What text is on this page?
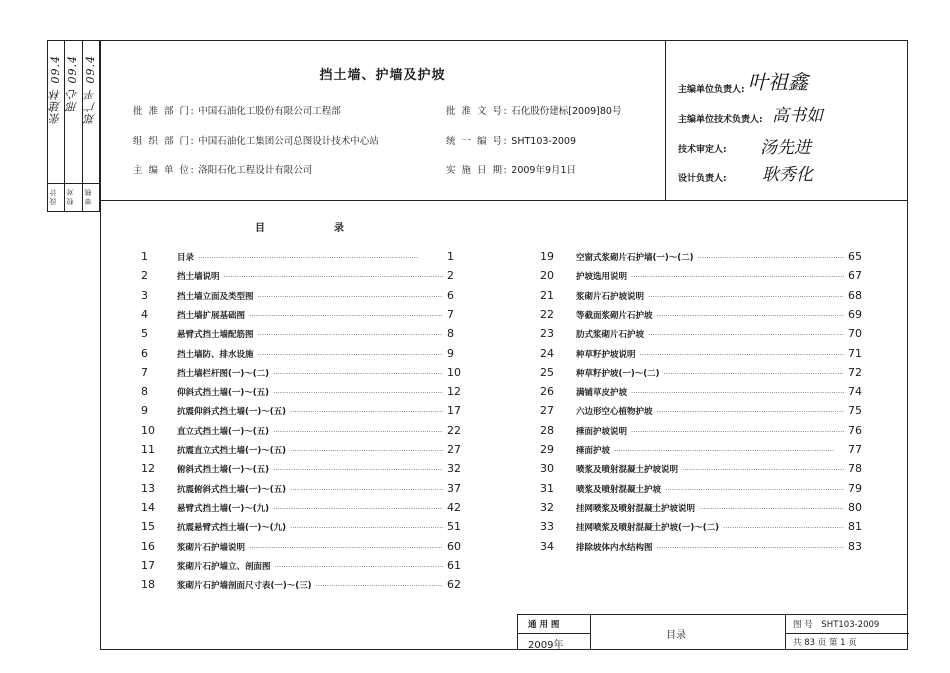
张建林 09.4
设 计
邢心 09.4
校 对
郑广平 09.4
审 核
挡土墙、护墙及护坡
批 准 部 门: 中国石油化工股份有限公司工程部
组 织 部 门: 中国石油化工集团公司总图设计技术中心站
主 编 单 位: 洛阳石化工程设计有限公司
批 准 文 号: 石化股份建标[2009]80号
统 一 编 号: SHT103-2009
实 施 日 期: 2009年9月1日
主编单位负责人: 叶祖鑫
主编单位技术负责人: 高书如
技术审定人: 汤先进
设计负责人: 耿秀化
目	录
1	目录 ·····	1
2	挡土墙说明 ·····	2
3	挡土墙立面及类型图 ·····	6
4	挡土墙扩展基础图 ·····	7
5	悬臂式挡土墙配筋图 ·····	8
6	挡土墙防、排水设施 ·····	9
7	挡土墙栏杆图(一)～(二) ·····	10
8	仰斜式挡土墙(一)～(五) ·····	12
9	抗震仰斜式挡土墙(一)～(五) ·····	17
10	直立式挡土墙(一)～(五) ·····	22
11	抗震直立式挡土墙(一)～(五) ·····	27
12	俯斜式挡土墙(一)～(五) ·····	32
13	抗震俯斜式挡土墙(一)～(五) ·····	37
14	悬臂式挡土墙(一)～(九) ·····	42
15	抗震悬臂式挡土墙(一)～(九) ·····	51
16	浆砌片石护墙说明 ·····	60
17	浆砌片石护墙立、剖面图 ·····	61
18	浆砌片石护墙剖面尺寸表(一)～(三) ·····	62
19	空窗式浆砌片石护墙(一)～(二) ·····	65
20	护坡选用说明 ·····	67
21	浆砌片石护坡说明 ·····	68
22	等截面浆砌片石护坡 ·····	69
23	肋式浆砌片石护坡 ·····	70
24	种草籽护坡说明 ·····	71
25	种草籽护坡(一)～(二) ·····	72
26	满铺草皮护坡 ·····	74
27	六边形空心植物护坡 ·····	75
28	捶面护坡说明 ·····	76
29	捶面护坡 ·····	77
30	喷浆及喷射混凝土护坡说明 ·····	78
31	喷浆及喷射混凝土护坡 ·····	79
32	挂网喷浆及喷射混凝土护坡说明 ·····	80
33	挂网喷浆及喷射混凝土护坡(一)～(二) ·····	81
34	排除坡体内水结构图 ·····	83
通 用 图
2009年
目录
图 号 SHT103-2009
共 83 页 第 1 页
